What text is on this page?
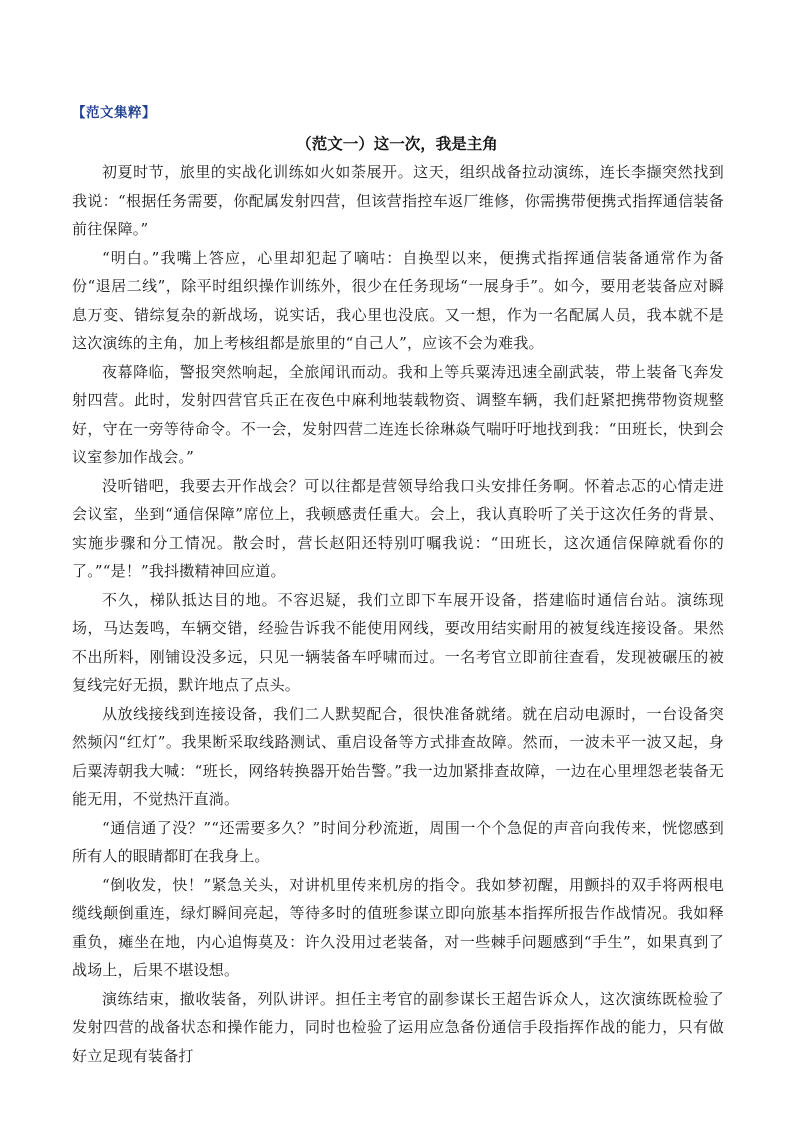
【范文集粹】
（范文一）这一次，我是主角

初夏时节，旅里的实战化训练如火如荼展开。这天，组织战备拉动演练，连长李撷突然找到我说：“根据任务需要，你配属发射四营，但该营指控车返厂维修，你需携带便携式指挥通信装备前往保障。”

“明白。”我嘴上答应，心里却犯起了嘀咕：自换型以来，便携式指挥通信装备通常作为备份“退居二线”，除平时组织操作训练外，很少在任务现场“一展身手”。如今，要用老装备应对瞬息万变、错综复杂的新战场，说实话，我心里也没底。又一想，作为一名配属人员，我本就不是这次演练的主角，加上考核组都是旅里的“自己人”，应该不会为难我。

夜幕降临，警报突然响起，全旅闻讯而动。我和上等兵粟涛迅速全副武装，带上装备飞奔发射四营。此时，发射四营官兵正在夜色中麻利地装载物资、调整车辆，我们赶紧把携带物资规整好，守在一旁等待命令。不一会，发射四营二连连长徐琳焱气喘吁吁地找到我：“田班长，快到会议室参加作战会。”

没听错吧，我要去开作战会？可以往都是营领导给我口头安排任务啊。怀着忐忑的心情走进会议室，坐到“通信保障”席位上，我顿感责任重大。会上，我认真聆听了关于这次任务的背景、实施步骤和分工情况。散会时，营长赵阳还特别叮嘱我说：“田班长，这次通信保障就看你的了。”“是！”我抖擞精神回应道。

不久，梯队抵达目的地。不容迟疑，我们立即下车展开设备，搭建临时通信台站。演练现场，马达轰鸣，车辆交错，经验告诉我不能使用网线，要改用结实耐用的被复线连接设备。果然不出所料，刚铺设没多远，只见一辆装备车呼啸而过。一名考官立即前往查看，发现被碾压的被复线完好无损，默许地点了点头。

从放线接线到连接设备，我们二人默契配合，很快准备就绪。就在启动电源时，一台设备突然频闪“红灯”。我果断采取线路测试、重启设备等方式排查故障。然而，一波未平一波又起，身后粟涛朝我大喊：“班长，网络转换器开始告警。”我一边加紧排查故障，一边在心里埋怨老装备无能无用，不觉热汗直淌。

“通信通了没？”“还需要多久？”时间分秒流逝，周围一个个急促的声音向我传来，恍惚感到所有人的眼睛都盯在我身上。

“倒收发，快！”紧急关头，对讲机里传来机房的指令。我如梦初醒，用颤抖的双手将两根电缆线颠倒重连，绿灯瞬间亮起，等待多时的值班参谋立即向旅基本指挥所报告作战情况。我如释重负，瘫坐在地，内心追悔莫及：许久没用过老装备，对一些棘手问题感到“手生”，如果真到了战场上，后果不堪设想。

演练结束，撤收装备，列队讲评。担任主考官的副参谋长王超告诉众人，这次演练既检验了发射四营的战备状态和操作能力，同时也检验了运用应急备份通信手段指挥作战的能力，只有做好立足现有装备打
